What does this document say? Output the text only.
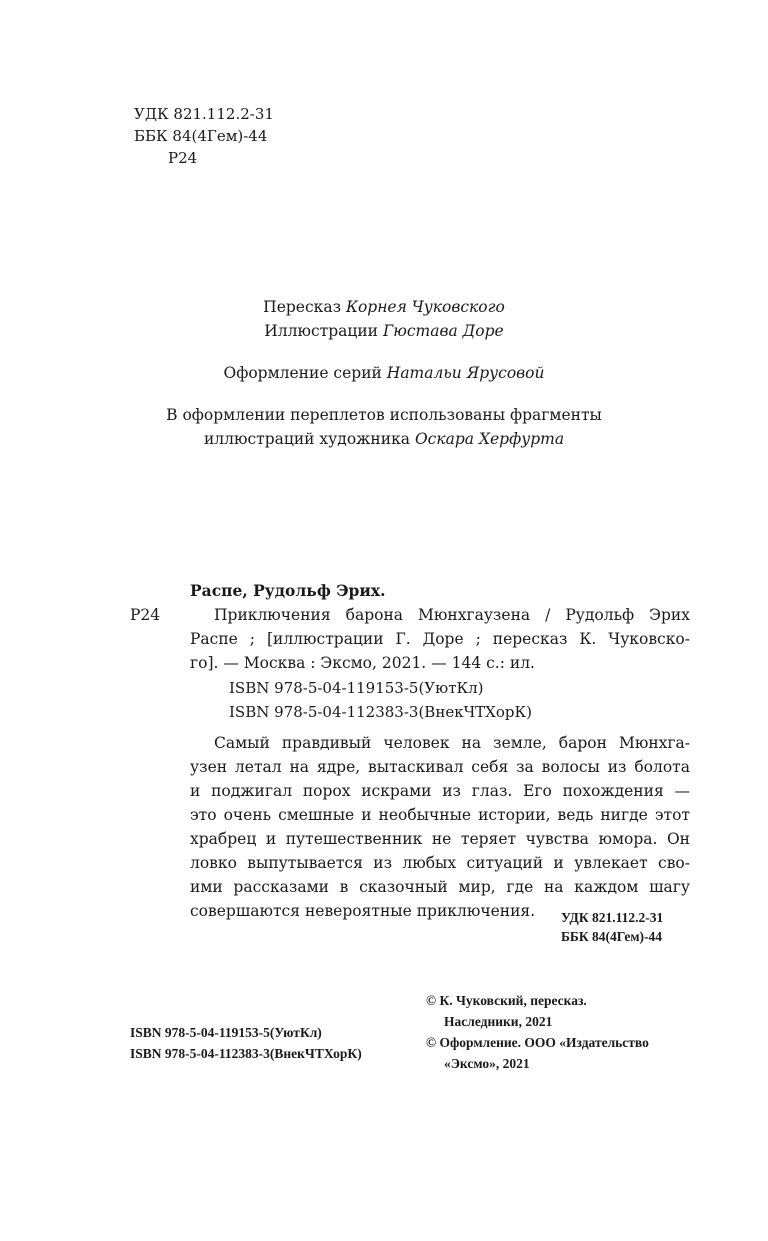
УДК 821.112.2-31
ББК 84(4Гем)-44
Р24
Пересказ Корнея Чуковского
Иллюстрации Гюстава Доре
Оформление серий Натальи Ярусовой
В оформлении переплетов использованы фрагменты
иллюстраций художника Оскара Херфурта
Распе, Рудольф Эрих.
Р24	Приключения барона Мюнхгаузена / Рудольф Эрих
Распе ; [иллюстрации Г. Доре ; пересказ К. Чуковско-
го]. — Москва : Эксмо, 2021. — 144 с.: ил.
ISBN 978-5-04-119153-5(УютКл)
ISBN 978-5-04-112383-3(ВнекЧТХорК)
Самый правдивый человек на земле, барон Мюнхга-
узен летал на ядре, вытаскивал себя за волосы из болота
и поджигал порох искрами из глаз. Его похождения —
это очень смешные и необычные истории, ведь нигде этот
храбрец и путешественник не теряет чувства юмора. Он
ловко выпутывается из любых ситуаций и увлекает сво-
ими рассказами в сказочный мир, где на каждом шагу
совершаются невероятные приключения.	УДК 821.112.2-31
ББК 84(4Гем)-44
ISBN 978-5-04-119153-5(УютКл)
ISBN 978-5-04-112383-3(ВнекЧТХорК)
© К. Чуковский, пересказ.
Наследники, 2021
© Оформление. ООО «Издательство
«Эксмо», 2021
